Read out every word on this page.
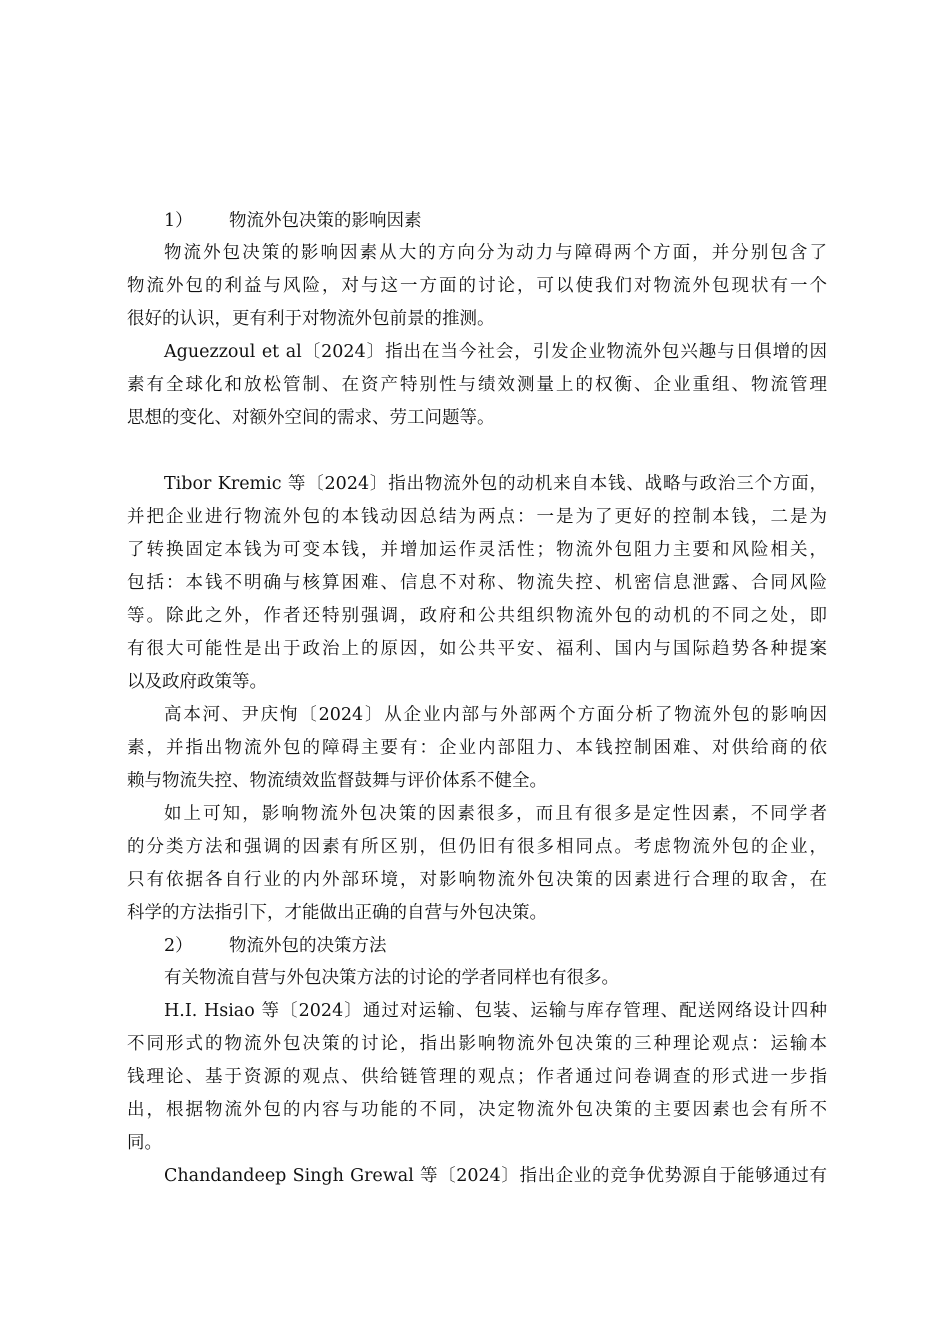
1） 物流外包决策的影响因素

物流外包决策的影响因素从大的方向分为动力与障碍两个方面，并分别包含了
物流外包的利益与风险，对与这一方面的讨论，可以使我们对物流外包现状有一个
很好的认识，更有利于对物流外包前景的推测。

Aguezzoul et al〔2024〕指出在当今社会，引发企业物流外包兴趣与日俱增的因
素有全球化和放松管制、在资产特别性与绩效测量上的权衡、企业重组、物流管理
思想的变化、对额外空间的需求、劳工问题等。

Tibor Kremic 等〔2024〕指出物流外包的动机来自本钱、战略与政治三个方面，
并把企业进行物流外包的本钱动因总结为两点：一是为了更好的控制本钱，二是为
了转换固定本钱为可变本钱，并增加运作灵活性；物流外包阻力主要和风险相关，
包括：本钱不明确与核算困难、信息不对称、物流失控、机密信息泄露、合同风险
等。除此之外，作者还特别强调，政府和公共组织物流外包的动机的不同之处，即
有很大可能性是出于政治上的原因，如公共平安、福利、国内与国际趋势各种提案
以及政府政策等。

高本河、尹庆恂〔2024〕从企业内部与外部两个方面分析了物流外包的影响因
素，并指出物流外包的障碍主要有：企业内部阻力、本钱控制困难、对供给商的依
赖与物流失控、物流绩效监督鼓舞与评价体系不健全。

如上可知，影响物流外包决策的因素很多，而且有很多是定性因素，不同学者
的分类方法和强调的因素有所区别，但仍旧有很多相同点。考虑物流外包的企业，
只有依据各自行业的内外部环境，对影响物流外包决策的因素进行合理的取舍，在
科学的方法指引下，才能做出正确的自营与外包决策。

2） 物流外包的决策方法

有关物流自营与外包决策方法的讨论的学者同样也有很多。

H.I. Hsiao 等〔2024〕通过对运输、包装、运输与库存管理、配送网络设计四种
不同形式的物流外包决策的讨论，指出影响物流外包决策的三种理论观点：运输本
钱理论、基于资源的观点、供给链管理的观点；作者通过问卷调查的形式进一步指
出，根据物流外包的内容与功能的不同，决定物流外包决策的主要因素也会有所不
同。

Chandandeep Singh Grewal 等〔2024〕指出企业的竞争优势源自于能够通过有
